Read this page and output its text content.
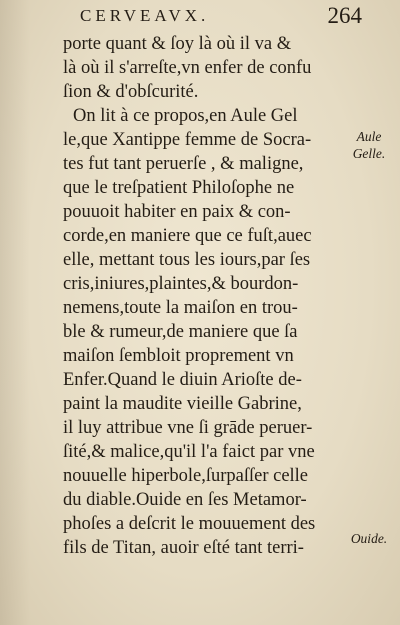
CERVEAVX.	264
porte quant & ſoy là où il va &
là où il s'arreſte,vn enfer de confu
ſion & d'obſcurité.
On lit à ce propos,en Aule Gel
le,que Xantippe femme de Socra-
tes fut tant peruerſe , & maligne,
que le treſpatient Philoſophe ne
pouuoit habiter en paix & con-
corde,en maniere que ce fuſt,auec
elle, mettant tous les iours,par ſes
cris,iniures,plaintes,& bourdon-
nemens,toute la maiſon en trou-
ble & rumeur,de maniere que ſa
maiſon ſembloit proprement vn
Enfer.Quand le diuin Arioſte de-
paint la maudite vieille Gabrine,
il luy attribue vne ſi grāde peruer-
ſité,& malice,qu'il l'a faict par vne
nouuelle hiperbole,ſurpaſſer celle
du diable.Ouide en ſes Metamor-
phoſes a deſcrit le mouuement des
fils de Titan, auoir eſté tant terri-
Aule
Gelle.
Ouide.
